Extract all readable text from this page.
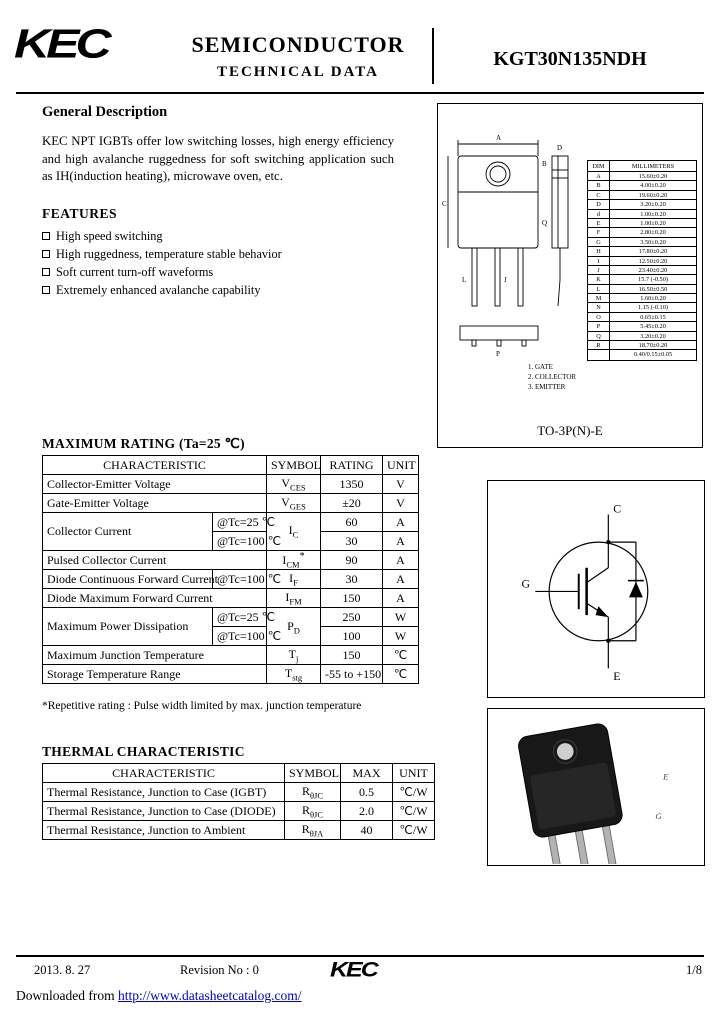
KEC	SEMICONDUCTOR
TECHNICAL DATA
KGT30N135NDH
General Description
KEC NPT IGBTs offer low switching losses, high energy efficiency and high avalanche ruggedness for soft switching application such as IH(induction heating), microwave oven, etc.
FEATURES
High speed switching
High ruggedness, temperature stable behavior
Soft current turn-off waveforms
Extremely enhanced avalanche capability
A
B
C
D
Q
L	J
P
DIM	MILLIMETERS
A	15.60±0.20
B	4.00±0.20
C	19.60±0.20
D	3.20±0.20
d	1.00±0.20
E	1.00±0.20
F	2.80±0.20
G	3.50±0.20
H	17.80±0.20
I	12.50±0.20
J	23.40±0.20
K	15.7 (-0.50)
L	16.50±0.50
M	1.60±0.20
N	1.15 (-0.10)
O	0.65±0.15
P	5.45±0.20
Q	3.20±0.20
R	18.70±0.20
0.40/0.15±0.05
1. GATE
2. COLLECTOR
3. EMITTER
TO-3P(N)-E
MAXIMUM RATING (Ta=25 ℃)
CHARACTERISTIC		SYMBOL	RATING	UNIT
Collector-Emitter Voltage		$V_{CES}$	1350	V
Gate-Emitter Voltage		$V_{GES}$	±20	V
Collector Current	@Tc=25 ℃	$I_C$	60	A
	@Tc=100 ℃		30	A
Pulsed Collector Current		$I_{CM}^*$	90	A
Diode Continuous Forward Current	@Tc=100 ℃	$I_F$	30	A
Diode Maximum Forward Current		$I_{FM}$	150	A
Maximum Power Dissipation	@Tc=25 ℃	$P_D$	250	W
	@Tc=100 ℃		100	W
Maximum Junction Temperature		$T_j$	150	℃
Storage Temperature Range		$T_{stg}$	-55 to +150	℃
*Repetitive rating : Pulse width limited by max. junction temperature
THERMAL CHARACTERISTIC
CHARACTERISTIC	SYMBOL	MAX	UNIT
Thermal Resistance, Junction to Case (IGBT)	$R_{\theta JC}$	0.5	℃/W
Thermal Resistance, Junction to Case (DIODE)	$R_{\theta JC}$	2.0	℃/W
Thermal Resistance, Junction to Ambient	$R_{\theta JA}$	40	℃/W
C
G
E
E
G
2013. 8. 27	Revision No : 0	KEC	1/8
Downloaded from http://www.datasheetcatalog.com/
